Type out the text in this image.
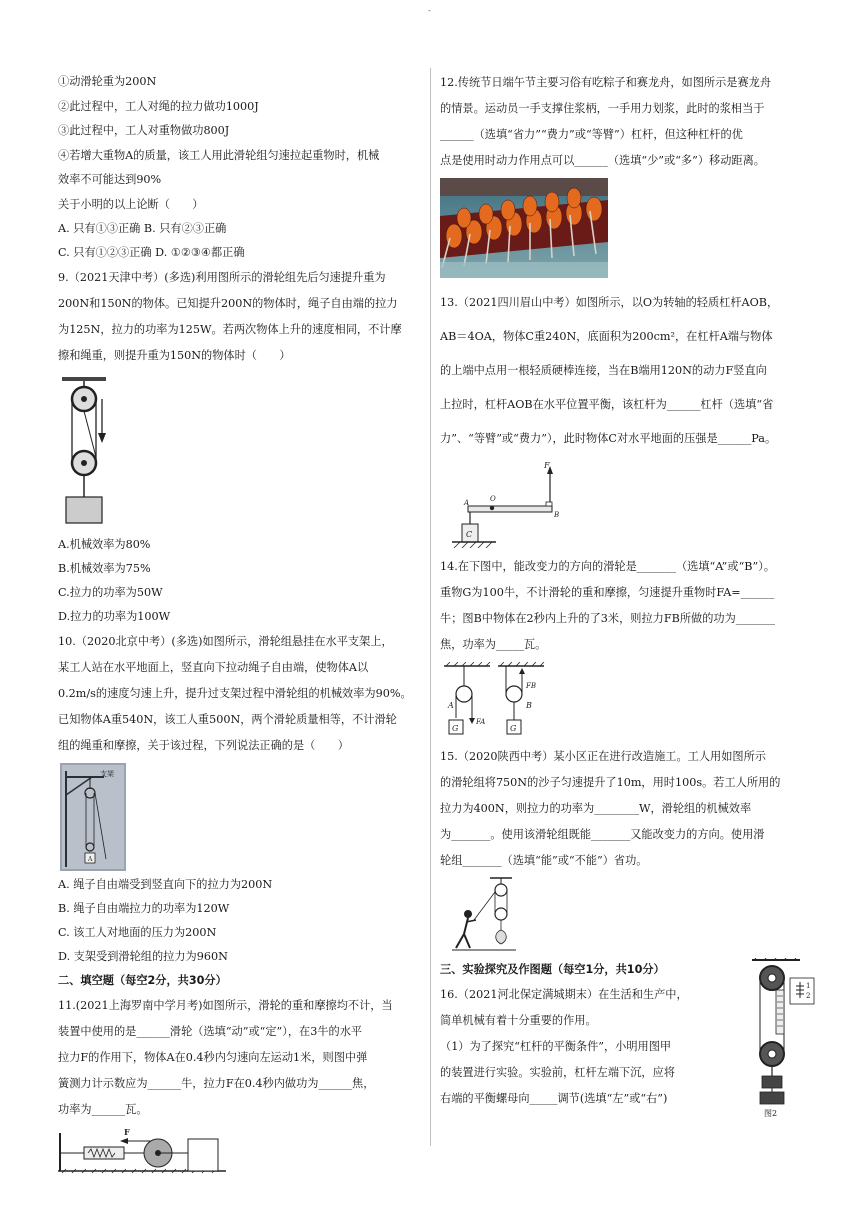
-
①动滑轮重为200N
②此过程中，工人对绳的拉力做功1000J
③此过程中，工人对重物做功800J
④若增大重物A的质量，该工人用此滑轮组匀速拉起重物时，机械
效率不可能达到90%
关于小明的以上论断（　　）
A. 只有①③正确 B. 只有②③正确
C. 只有①②③正确 D. ①②③④都正确
9.（2021天津中考）(多选)利用图所示的滑轮组先后匀速提升重为
200N和150N的物体。已知提升200N的物体时，绳子自由端的拉力
为125N，拉力的功率为125W。若两次物体上升的速度相同，不计摩
擦和绳重，则提升重为150N的物体时（　　）
A.机械效率为80%
B.机械效率为75%
C.拉力的功率为50W
D.拉力的功率为100W
10.（2020北京中考）(多选)如图所示，滑轮组悬挂在水平支架上，
某工人站在水平地面上，竖直向下拉动绳子自由端，使物体A以
0.2m/s的速度匀速上升，提升过支架过程中滑轮组的机械效率为90%。
已知物体A重540N，该工人重500N，两个滑轮质量相等，不计滑轮
组的绳重和摩擦，关于该过程，下列说法正确的是（　　）
支架
A
A. 绳子自由端受到竖直向下的拉力为200N
B. 绳子自由端拉力的功率为120W
C. 该工人对地面的压力为200N
D. 支架受到滑轮组的拉力为960N
二、填空题（每空2分，共30分）
11.(2021上海罗南中学月考)如图所示，滑轮的重和摩擦均不计，当
装置中使用的是______滑轮（选填“动”或“定”），在3牛的水平
拉力F的作用下，物体A在0.4秒内匀速向左运动1米，则图中弹
簧测力计示数应为______牛，拉力F在0.4秒内做功为______焦，
功率为______瓦。
F
12.传统节日端午节主要习俗有吃粽子和赛龙舟，如图所示是赛龙舟
的情景。运动员一手支撑住浆柄，一手用力划浆，此时的浆相当于
______（选填“省力”“费力”或“等臂”）杠杆，但这种杠杆的优
点是使用时动力作用点可以______（选填“少”或“多”）移动距离。
13.（2021四川眉山中考）如图所示，以O为转轴的轻质杠杆AOB，
AB＝4OA，物体C重240N，底面积为200cm²，在杠杆A端与物体
的上端中点用一根轻质硬棒连接，当在B端用120N的动力F竖直向
上拉时，杠杆AOB在水平位置平衡，该杠杆为______杠杆（选填“省
力”、“等臂”或“费力”），此时物体C对水平地面的压强是______Pa。
F
O
A
B
C
14.在下图中，能改变力的方向的滑轮是_______（选填“A”或“B”）。
重物G为100牛，不计滑轮的重和摩擦，匀速提升重物时FA=______
牛；图B中物体在2秒内上升的了3米，则拉力FB所做的功为_______
焦，功率为_____瓦。
A
FA
G
FB
B
G
15.（2020陕西中考）某小区正在进行改造施工。工人用如图所示
的滑轮组将750N的沙子匀速提升了10m，用时100s。若工人所用的
拉力为400N，则拉力的功率为________W，滑轮组的机械效率
为_______。使用该滑轮组既能_______又能改变力的方向。使用滑
轮组_______（选填“能”或“不能”）省功。
三、实验探究及作图题（每空1分，共10分）
16.（2021河北保定满城期末）在生活和生产中，
简单机械有着十分重要的作用。
（1）为了探究“杠杆的平衡条件”，小明用图甲
的装置进行实验。实验前，杠杆左端下沉，应将
右端的平衡螺母向_____调节(选填“左”或“右”)
1
2
图2
